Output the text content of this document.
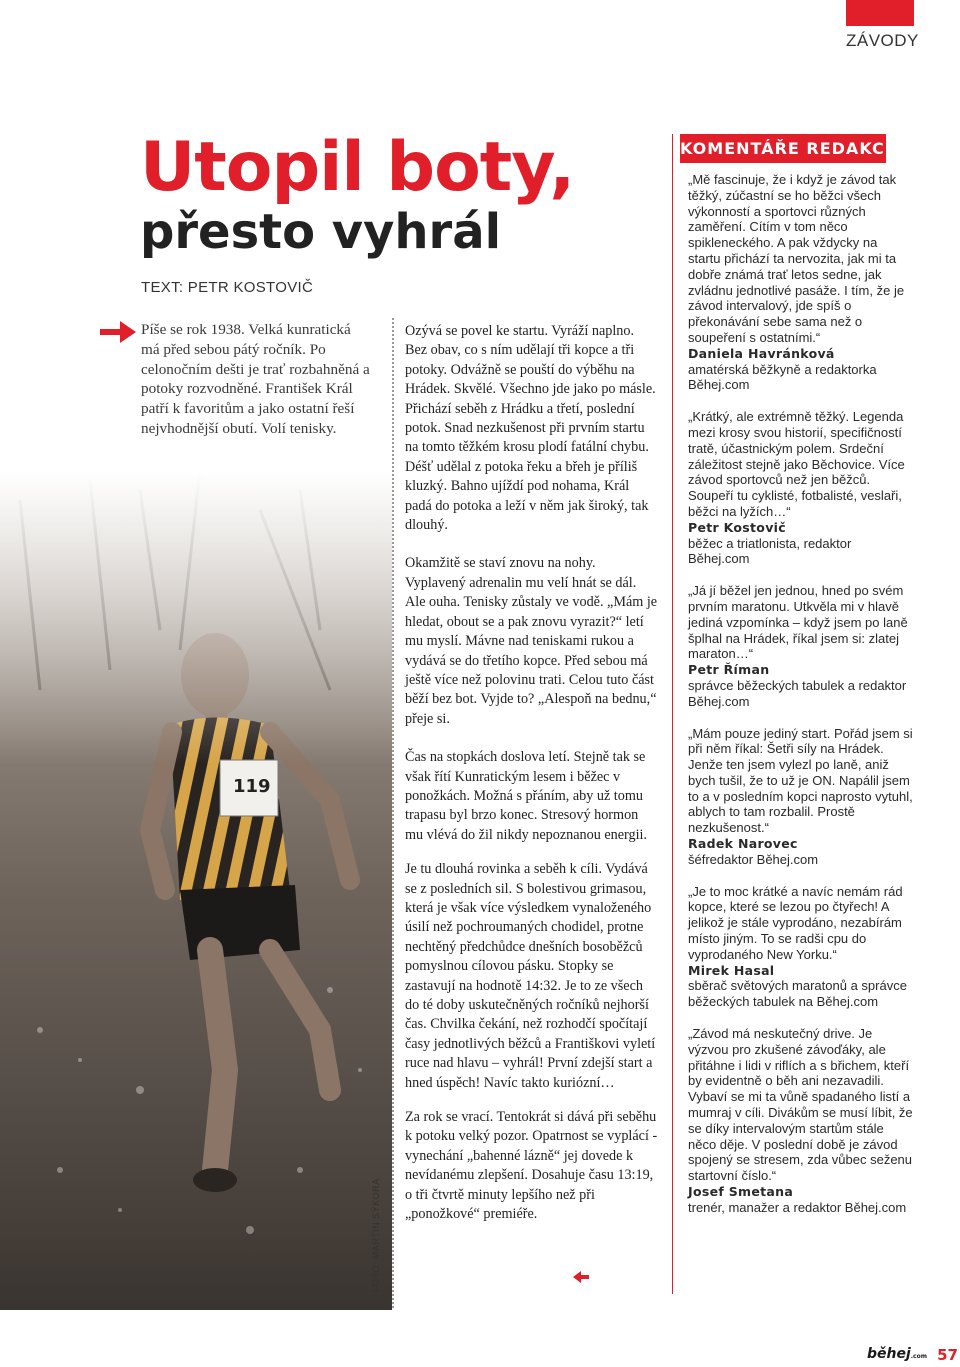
ZÁVODY
Utopil boty,
přesto vyhrál
TEXT: PETR KOSTOVIČ

Píše se rok 1938. Velká kunratická má před sebou pátý ročník. Po celonočním dešti je trať rozbahněná a potoky rozvodněné. František Král patří k favoritům a jako ostatní řeší nejvhodnější obutí. Volí tenisky.

FOTO: MARTIN SÝKORA

Ozývá se povel ke startu. Vyráží naplno. Bez obav, co s ním udělají tři kopce a tři potoky. Odvážně se pouští do výběhu na Hrádek. Skvělé. Všechno jde jako po másle. Přichází seběh z Hrádku a třetí, poslední potok. Snad nezkušenost při prvním startu na tomto těžkém krosu plodí fatální chybu. Déšť udělal z potoka řeku a břeh je příliš kluzký. Bahno ujíždí pod nohama, Král padá do potoka a leží v něm jak široký, tak dlouhý.

Okamžitě se staví znovu na nohy. Vyplavený adrenalin mu velí hnát se dál. Ale ouha. Tenisky zůstaly ve vodě. „Mám je hledat, obout se a pak znovu vyrazit?“ letí mu myslí. Mávne nad teniskami rukou a vydává se do třetího kopce. Před sebou má ještě více než polovinu trati. Celou tuto část běží bez bot. Vyjde to? „Alespoň na bednu,“ přeje si.

Čas na stopkách doslova letí. Stejně tak se však řítí Kunratickým lesem i běžec v ponožkách. Možná s přáním, aby už tomu trapasu byl brzo konec. Stresový hormon mu vlévá do žil nikdy nepoznanou energii.

Je tu dlouhá rovinka a seběh k cíli. Vydává se z posledních sil. S bolestivou grimasou, která je však více výsledkem vynaloženého úsilí než pochroumaných chodidel, protne nechtěný předchůdce dnešních bosoběžců pomyslnou cílovou pásku. Stopky se zastavují na hodnotě 14:32. Je to ze všech do té doby uskutečněných ročníků nejhorší čas. Chvilka čekání, než rozhodčí spočítají časy jednotlivých běžců a Františkovi vyletí ruce nad hlavu – vyhrál! První zdejší start a hned úspěch! Navíc takto kuriózní…

Za rok se vrací. Tentokrát si dává při seběhu k potoku velký pozor. Opatrnost se vyplácí - vynechání „bahenné lázně“ jej dovede k nevídanému zlepšení. Dosahuje času 13:19, o tři čtvrtě minuty lepšího než při „ponožkové“ premiéře.

KOMENTÁŘE REDAKCE:

„Mě fascinuje, že i když je závod tak těžký, zúčastní se ho běžci všech výkonností a sportovci různých zaměření. Cítím v tom něco spikleneckého. A pak vždycky na startu přichází ta nervozita, jak mi ta dobře známá trať letos sedne, jak zvládnu jednotlivé pasáže. I tím, že je závod intervalový, jde spíš o překonávání sebe sama než o soupeření s ostatními.“

Daniela Havránková

amatérská běžkyně a redaktorka Běhej.com

„Krátký, ale extrémně těžký. Legenda mezi krosy svou historií, specifičností tratě, účastnickým polem. Srdeční záležitost stejně jako Běchovice. Více závod sportovců než jen běžců. Soupeří tu cyklisté, fotbalisté, veslaři, běžci na lyžích…“

Petr Kostovič

běžec a triatlonista, redaktor Běhej.com

„Já jí běžel jen jednou, hned po svém prvním maratonu. Utkvěla mi v hlavě jediná vzpomínka – když jsem po laně šplhal na Hrádek, říkal jsem si: zlatej maraton…“

Petr Říman

správce běžeckých tabulek a redaktor Běhej.com

„Mám pouze jediný start. Pořád jsem si při něm říkal: Šetři síly na Hrádek. Jenže ten jsem vylezl po laně, aniž bych tušil, že to už je ON. Napálil jsem to a v posledním kopci naprosto vytuhl, ablych to tam rozbalil. Prostě nezkušenost.“

Radek Narovec

šéfredaktor Běhej.com

„Je to moc krátké a navíc nemám rád kopce, které se lezou po čtyřech! A jelikož je stále vyprodáno, nezabírám místo jiným. To se radši cpu do vyprodaného New Yorku.“

Mirek Hasal

sběrač světových maratonů a správce běžeckých tabulek na Běhej.com

„Závod má neskutečný drive. Je výzvou pro zkušené závoďáky, ale přitáhne i lidi v riflích a s břichem, kteří by evidentně o běh ani nezavadili. Vybaví se mi ta vůně spadaného listí a mumraj v cíli. Divákům se musí líbit, že se díky intervalovým startům stále něco děje. V poslední době je závod spojený se stresem, zda vůbec seženu startovní číslo.“

Josef Smetana

trenér, manažer a redaktor Běhej.com

běhej.com 57
